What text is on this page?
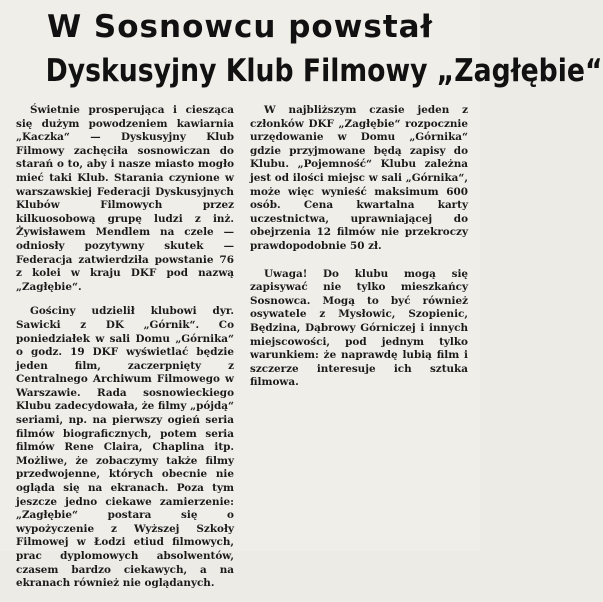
W Sosnowcu powstał
Dyskusyjny Klub Filmowy „Zagłębie“

Świetnie prosperująca i ciesząca się dużym powodzeniem kawiarnia „Kaczka“ — Dyskusyjny Klub Filmowy zachęciła sosnowiczan do starań o to, aby i nasze miasto mogło mieć taki Klub. Starania czynione w warszawskiej Federacji Dyskusyjnych Klubów Filmowych przez kilkuosobową grupę ludzi z inż. Żywisławem Mendlem na czele — odniosły pozytywny skutek — Federacja zatwierdziła powstanie 76 z kolei w kraju DKF pod nazwą „Zagłębie“.

Gościny udzielił klubowi dyr. Sawicki z DK „Górnik“. Co poniedziałek w sali Domu „Górnika“ o godz. 19 DKF wyświetlać będzie jeden film, zaczerpnięty z Centralnego Archiwum Filmowego w Warszawie. Rada sosnowieckiego Klubu zadecydowała, że filmy „pójdą“ seriami, np. na pierwszy ogień seria filmów biograficznych, potem seria filmów Rene Claira, Chaplina itp. Możliwe, że zobaczymy także filmy przedwojenne, których obecnie nie ogląda się na ekranach. Poza tym jeszcze jedno ciekawe zamierzenie: „Zagłębie“ postara się o wypożyczenie z Wyższej Szkoły Filmowej w Łodzi etiud filmowych, prac dyplomowych absolwentów, czasem bardzo ciekawych, a na ekranach również nie oglądanych.

W najbliższym czasie jeden z członków DKF „Zagłębie“ rozpocznie urzędowanie w Domu „Górnika“ gdzie przyjmowane będą zapisy do Klubu. „Pojemność“ Klubu zależna jest od ilości miejsc w sali „Górnika“, może więc wynieść maksimum 600 osób. Cena kwartalna karty uczestnictwa, uprawniającej do obejrzenia 12 filmów nie przekroczy prawdopodobnie 50 zł.

Uwaga! Do klubu mogą się zapisywać nie tylko mieszkańcy Sosnowca. Mogą to być również osywatele z Mysłowic, Szopienic, Będzina, Dąbrowy Górniczej i innych miejscowości, pod jednym tylko warunkiem: że naprawdę lubią film i szczerze interesuje ich sztuka filmowa.
